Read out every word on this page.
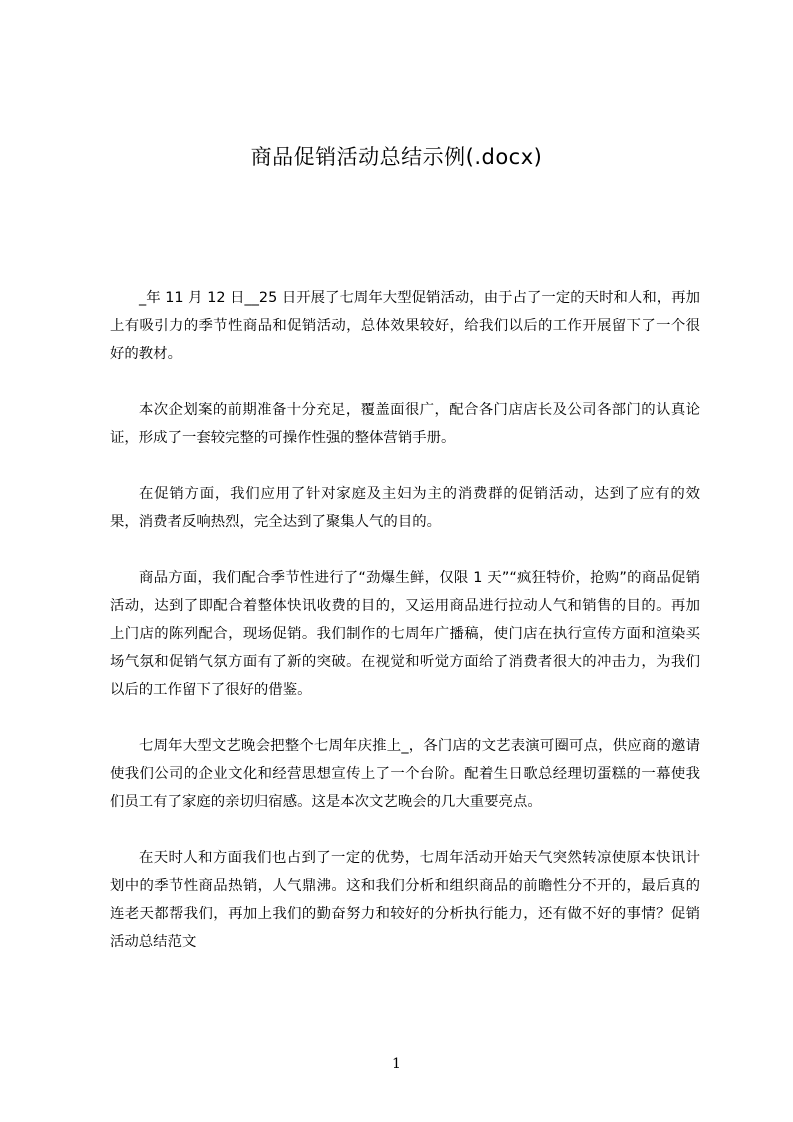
商品促销活动总结示例(.docx)

_年 11 月 12 日__25 日开展了七周年大型促销活动，由于占了一定的天时和人和，再加上有吸引力的季节性商品和促销活动，总体效果较好，给我们以后的工作开展留下了一个很好的教材。

本次企划案的前期准备十分充足，覆盖面很广，配合各门店店长及公司各部门的认真论证，形成了一套较完整的可操作性强的整体营销手册。

在促销方面，我们应用了针对家庭及主妇为主的消费群的促销活动，达到了应有的效果，消费者反响热烈，完全达到了聚集人气的目的。

商品方面，我们配合季节性进行了“劲爆生鲜，仅限 1 天”“疯狂特价，抢购”的商品促销活动，达到了即配合着整体快讯收费的目的，又运用商品进行拉动人气和销售的目的。再加上门店的陈列配合，现场促销。我们制作的七周年广播稿，使门店在执行宣传方面和渲染买场气氛和促销气氛方面有了新的突破。在视觉和听觉方面给了消费者很大的冲击力，为我们以后的工作留下了很好的借鉴。

七周年大型文艺晚会把整个七周年庆推上_，各门店的文艺表演可圈可点，供应商的邀请使我们公司的企业文化和经营思想宣传上了一个台阶。配着生日歌总经理切蛋糕的一幕使我们员工有了家庭的亲切归宿感。这是本次文艺晚会的几大重要亮点。

在天时人和方面我们也占到了一定的优势，七周年活动开始天气突然转凉使原本快讯计划中的季节性商品热销，人气鼎沸。这和我们分析和组织商品的前瞻性分不开的，最后真的连老天都帮我们，再加上我们的勤奋努力和较好的分析执行能力，还有做不好的事情？促销活动总结范文

1
